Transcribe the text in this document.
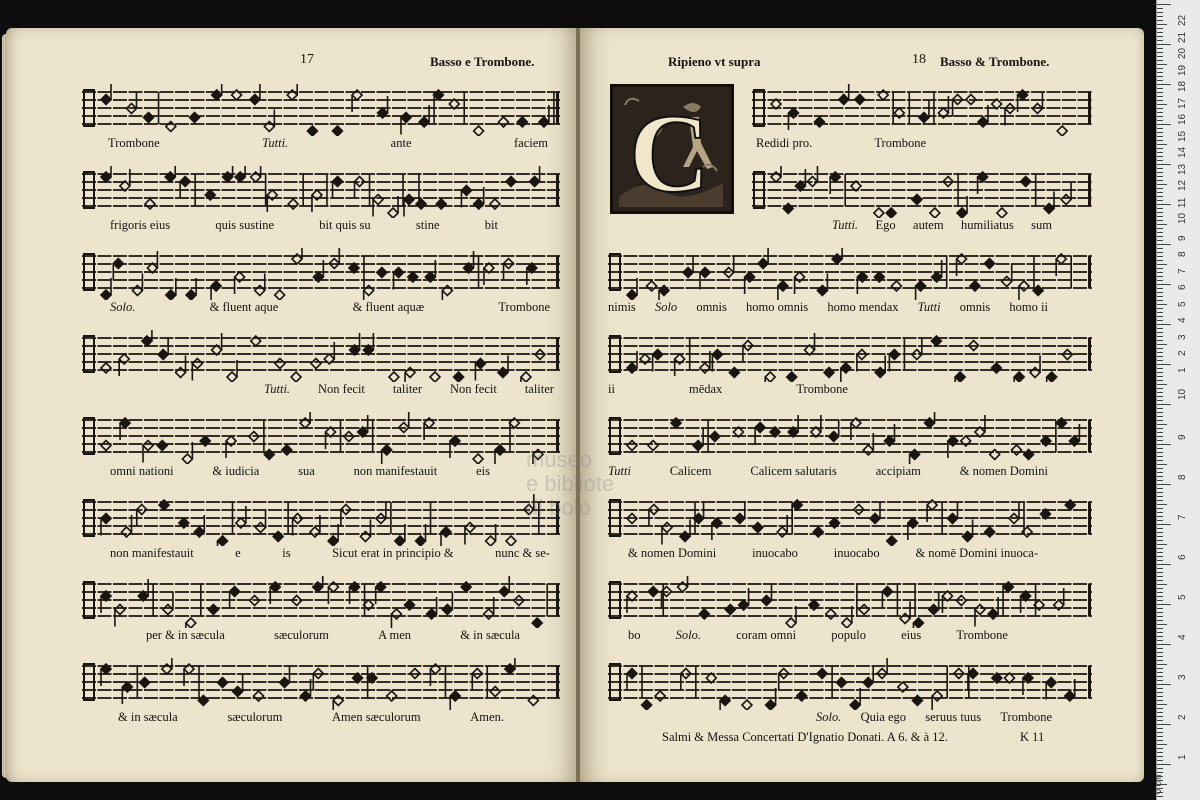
17	Basso e Trombone.
Trombone	Tutti.	ante	faciem
frigoris eius	quis sustine	bit quis su	stine	bit
Solo.	& fluent aque	& fluent aquæ	Trombone
Tutti. Non fecit taliter Non fecit taliter
omni nationi	& iudicia	sua	non manifestauit	eis
non manifestauit	e	is	Sicut erat in principio &	nunc & se-
per & in sæcula	sæculorum	A men	& in sæcula
& in sæcula	sæculorum	Amen sæculorum	Amen.
Ripieno vt supra	18 Basso & Trombone.
C	Redidi pro.	Trombone
Tutti. Ego autem humiliatus sum
nimis Solo omnis homo omnis homo mendax Tutti omnis homo ii
ii	mēdax	Trombone
Tutti	Calicem	Calicem salutaris	accipiam	& nomen Domini
& nomen Domini	inuocabo	inuocabo	& nomē Domini inuoca-
bo	Solo.	coram omni	populo	eius	Trombone
Solo. Quia ego seruus tuus Trombone
Salmi & Messa Concertati D'Ignatio Donati. A 6. & à 12.	K 11
museo
e bibliote
di bolo
22
21
20
19
18
17
16
15
14
13
12
11
10
9
8
7
6
5
4
3
2
1
1
2
3
4
5
6
7
8
9
10
0 cm
